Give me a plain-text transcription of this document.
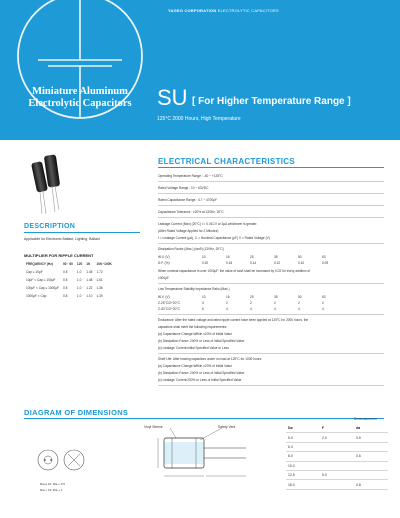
YAGEO CORPORATION ELECTROLYTIC CAPACITORS
Miniature Aluminum
Electrolytic Capacitors	SU [ For Higher Temperature Range ]
125°C 2000 Hours, High Temperature
DESCRIPTION
Applicable for Electronic Ballast, Lighting, Ballast
MULTIPLIER FOR RIPPLE CURRENT
FREQUENCY (Hz)	50 · 60	120	1K	10K~100K
Cap ≤ 10μF	0.8	1.0	1.45	1.72
10μF < Cap ≤ 100μF	0.8	1.0	1.48	1.61
100μF < Cap ≤ 1000μF	0.8	1.0	1.22	1.36
1000μF < Cap	0.8	1.0	1.10	1.30
ELECTRICAL CHARACTERISTICS
Operating Temperature Range : -40 ~ +125°C
Rated Voltage Range : 10 ~ 63VDC
Rated Capacitance Range : 4.7 ~ 4700μF
Capacitance Tolerance : ±20% at 120Hz, 20°C
Leakage Current (Max) (20°C) I = 0.01CV or 3μA whichever is greater.
(After Rated Voltage Applied for 2 Minutes)
I = Leakage Current (μA), C = Nominal Capacitance (μF) V = Rated Voltage (V)
Dissipation Factor (Max.) (tanδ) (120Hz, 20°C)
W.V. (V)	10	16	25	35	50	63
D.F. (%)	0.20	0.16	0.14	0.12	0.10	0.09
When nominal capacitance is over 1000μF, the value of tanδ shall be increased by 0.02 for every addition of
1000μF.
Low Temperature Stability Impedance Ratio (Max.)
W.V. (V)	10	16	25	35	50	63
Z-25°C/Z+20°C	3	2	2	2	2	2
Z-40°C/Z+20°C	6	4	4	4	4	4
Endurance: After the rated voltage and rated ripple current have been applied at 125°C for 2000 hours, the
capacitors shall meet the following requirements:
(a) Capacitance Change:Within ±20% of Initial Value
(b) Dissipation Factor: 200% or Less of Initial Specified Value
(c) Leakage Current:Initial Specified Value or Less
Shelf Life: After leaving capacitors under no load at 125°C for 1000 hours.
(a) Capacitance Change:Within ±20% of Initial Value
(b) Dissipation Factor: 200% or Less of Initial Specified Value
(c) Leakage Current:200% or Less of Initial Specified Value
DIAGRAM OF DIMENSIONS
Dimensions:mm
Vinyl Sleeve	Safety Vent
Dia ≤ 10: Dia + 0.5
Dia > 10: Dia + 1
Dø	F	dø
5.0	2.0	0.5
6.3		
8.0		0.6
10.0		
12.5	5.0	
16.0		0.8
